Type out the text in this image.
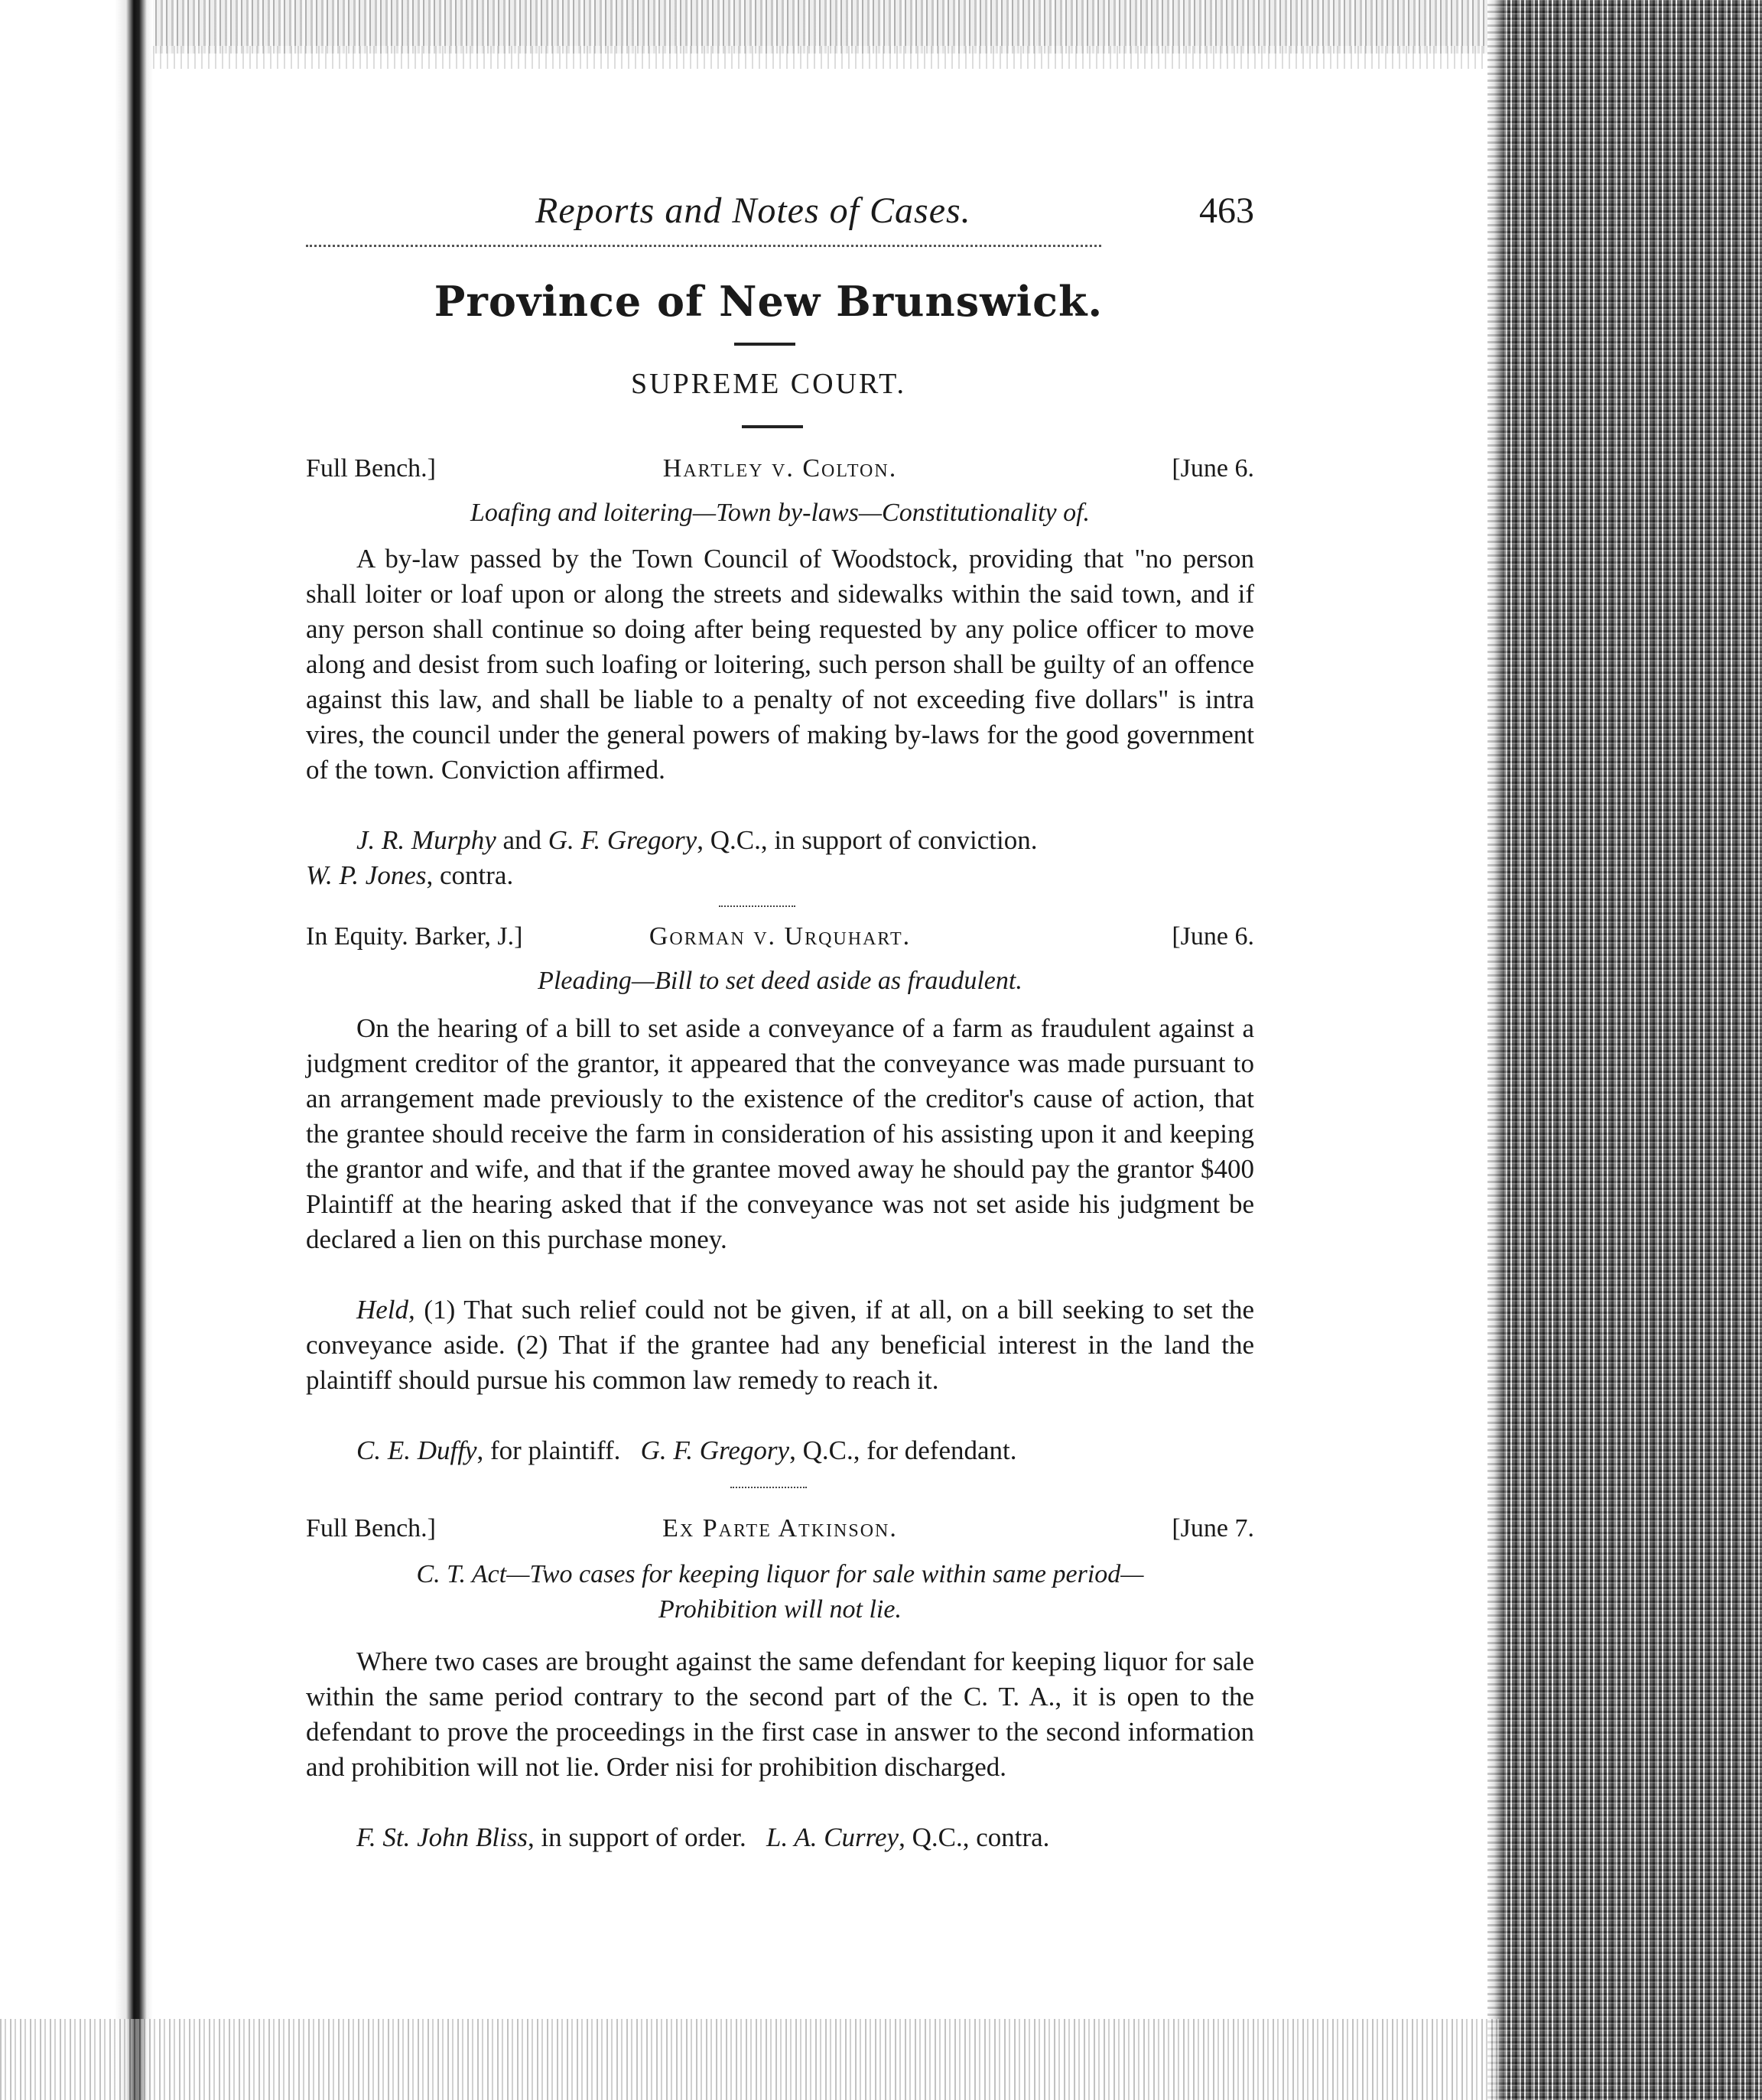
Reports and Notes of Cases.	463
Province of New Brunswick.
SUPREME COURT.
Full Bench.]	Hartley v. Colton.	[June 6.
Loafing and loitering—Town by-laws—Constitutionality of.

A by-law passed by the Town Council of Woodstock, providing that "no person shall loiter or loaf upon or along the streets and sidewalks within the said town, and if any person shall continue so doing after being requested by any police officer to move along and desist from such loafing or loitering, such person shall be guilty of an offence against this law, and shall be liable to a penalty of not exceeding five dollars" is intra vires, the council under the general powers of making by-laws for the good government of the town. Conviction affirmed.

J. R. Murphy and G. F. Gregory, Q.C., in support of conviction.
W. P. Jones, contra.

In Equity. Barker, J.]	Gorman v. Urquhart.	[June 6.
Pleading—Bill to set deed aside as fraudulent.

On the hearing of a bill to set aside a conveyance of a farm as fraudulent against a judgment creditor of the grantor, it appeared that the conveyance was made pursuant to an arrangement made previously to the existence of the creditor's cause of action, that the grantee should receive the farm in consideration of his assisting upon it and keeping the grantor and wife, and that if the grantee moved away he should pay the grantor $400 Plaintiff at the hearing asked that if the conveyance was not set aside his judgment be declared a lien on this purchase money.

Held, (1) That such relief could not be given, if at all, on a bill seeking to set the conveyance aside. (2) That if the grantee had any beneficial interest in the land the plaintiff should pursue his common law remedy to reach it.

C. E. Duffy, for plaintiff. G. F. Gregory, Q.C., for defendant.

Full Bench.]	Ex Parte Atkinson.	[June 7.
C. T. Act—Two cases for keeping liquor for sale within same period—
Prohibition will not lie.

Where two cases are brought against the same defendant for keeping liquor for sale within the same period contrary to the second part of the C. T. A., it is open to the defendant to prove the proceedings in the first case in answer to the second information and prohibition will not lie. Order nisi for prohibition discharged.

F. St. John Bliss, in support of order. L. A. Currey, Q.C., contra.
